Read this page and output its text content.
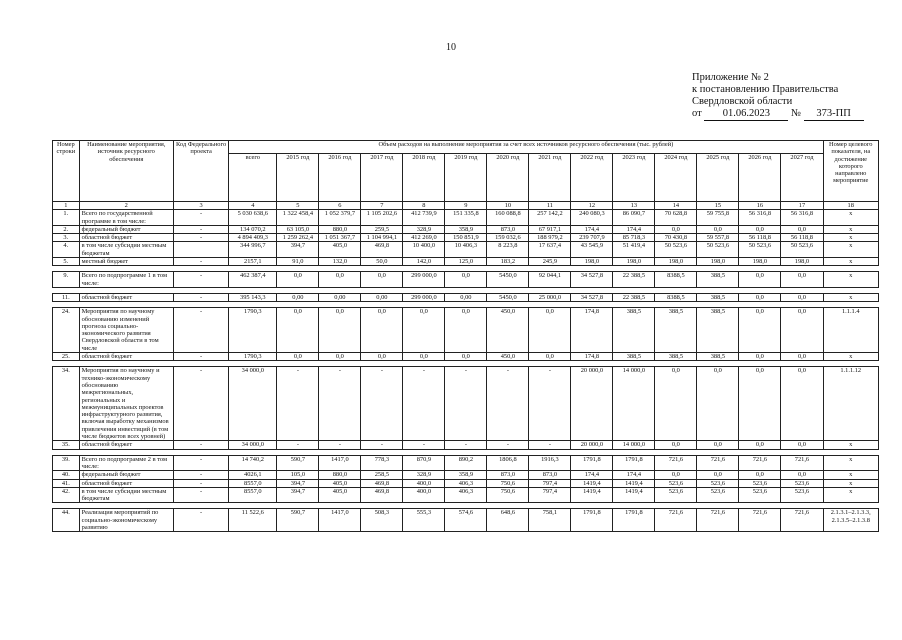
10
Приложение № 2
к постановлению Правительства
Свердловской области
от 01.06.2023 № 373-ПП
Номер строки	Наименование мероприятия, источник ресурсного обеспечения	Код Федерального проекта	Объем расходов на выполнение мероприятия за счет всех источников ресурсного обеспечения (тыс. рублей)														Номер целевого показателя, на достижение которого направлено мероприятие
			всего	2015 год	2016 год	2017 год	2018 год	2019 год	2020 год	2021 год	2022 год	2023 год	2024 год	2025 год	2026 год	2027 год	
1	2	3	4	5	6	7	8	9	10	11	12	13	14	15	16	17	18
1.	Всего по государственной программе в том числе:	-	5 030 638,6	1 322 458,4	1 052 379,7	1 105 202,6	412 739,9	151 335,8	160 088,8	257 142,2	240 080,3	86 090,7	70 628,8	59 755,8	56 316,8	56 316,8	x
2.	федеральный бюджет	-	134 070,2	63 105,0	880,0	259,5	328,9	358,9	873,0	67 917,1	174,4	174,4	0,0	0,0	0,0	0,0	x
3.	областной бюджет	-	4 894 409,3	1 259 262,4	1 051 367,7	1 104 994,1	412 269,0	150 851,9	159 032,6	188 979,2	239 707,9	85 718,3	70 430,8	59 557,8	56 118,8	56 118,8	x
4.	в том числе субсидии местным бюджетам		344 996,7	394,7	405,0	469,8	10 400,0	10 406,3	8 223,8	17 637,4	43 545,9	51 419,4	50 523,6	50 523,6	50 523,6	50 523,6	x
5.	местный бюджет	-	2157,1	91,0	132,0	50,0	142,0	125,0	183,2	245,9	198,0	198,0	198,0	198,0	198,0	198,0	x

9.	Всего по подпрограмме 1 в том числе:	-	462 387,4	0,0	0,0	0,0	299 000,0	0,0	5450,0	92 044,1	34 527,8	22 388,5	8388,5	388,5	0,0	0,0	x

11.	областной бюджет	-	395 143,3	0,00	0,00	0,00	299 000,0	0,00	5450,0	25 000,0	34 527,8	22 388,5	8388,5	388,5	0,0	0,0	x

24.	Мероприятия по научному обоснованию изменений прогноза социально-экономического развития Свердловской области в том числе	-	1790,3	0,0	0,0	0,0	0,0	0,0	450,0	0,0	174,8	388,5	388,5	388,5	0,0	0,0	1.1.1.4
25.	областной бюджет	-	1790,3	0,0	0,0	0,0	0,0	0,0	450,0	0,0	174,8	388,5	388,5	388,5	0,0	0,0	x

34.	Мероприятия по научному и технико-экономическому обоснованию межрегиональных, региональных и межмуниципальных проектов инфраструктурного развития, включая выработку механизмов привлечения инвестиций (в том числе бюджетов всех уровней)	-	34 000,0	-	-	-	-	-	-	-	20 000,0	14 000,0	0,0	0,0	0,0	0,0	1.1.1.12
35.	областной бюджет	-	34 000,0	-	-	-	-	-	-	-	20 000,0	14 000,0	0,0	0,0	0,0	0,0	x

39.	Всего по подпрограмме 2 в том числе:	-	14 740,2	590,7	1417,0	778,3	870,9	890,2	1806,8	1916,3	1791,8	1791,8	721,6	721,6	721,6	721,6	x
40.	федеральный бюджет	-	4026,1	105,0	880,0	258,5	328,9	358,9	873,0	873,0	174,4	174,4	0,0	0,0	0,0	0,0	x
41.	областной бюджет	-	8557,0	394,7	405,0	469,8	400,0	406,3	750,6	797,4	1419,4	1419,4	523,6	523,6	523,6	523,6	x
42.	в том числе субсидии местным бюджетам	-	8557,0	394,7	405,0	469,8	400,0	406,3	750,6	797,4	1419,4	1419,4	523,6	523,6	523,6	523,6	x

44.	Реализация мероприятий по социально-экономическому развитию	-	11 522,6	590,7	1417,0	508,3	555,3	574,6	648,6	758,1	1791,8	1791,8	721,6	721,6	721,6	721,6	2.1.3.1–2.1.3.3, 2.1.3.5–2.1.3.8
